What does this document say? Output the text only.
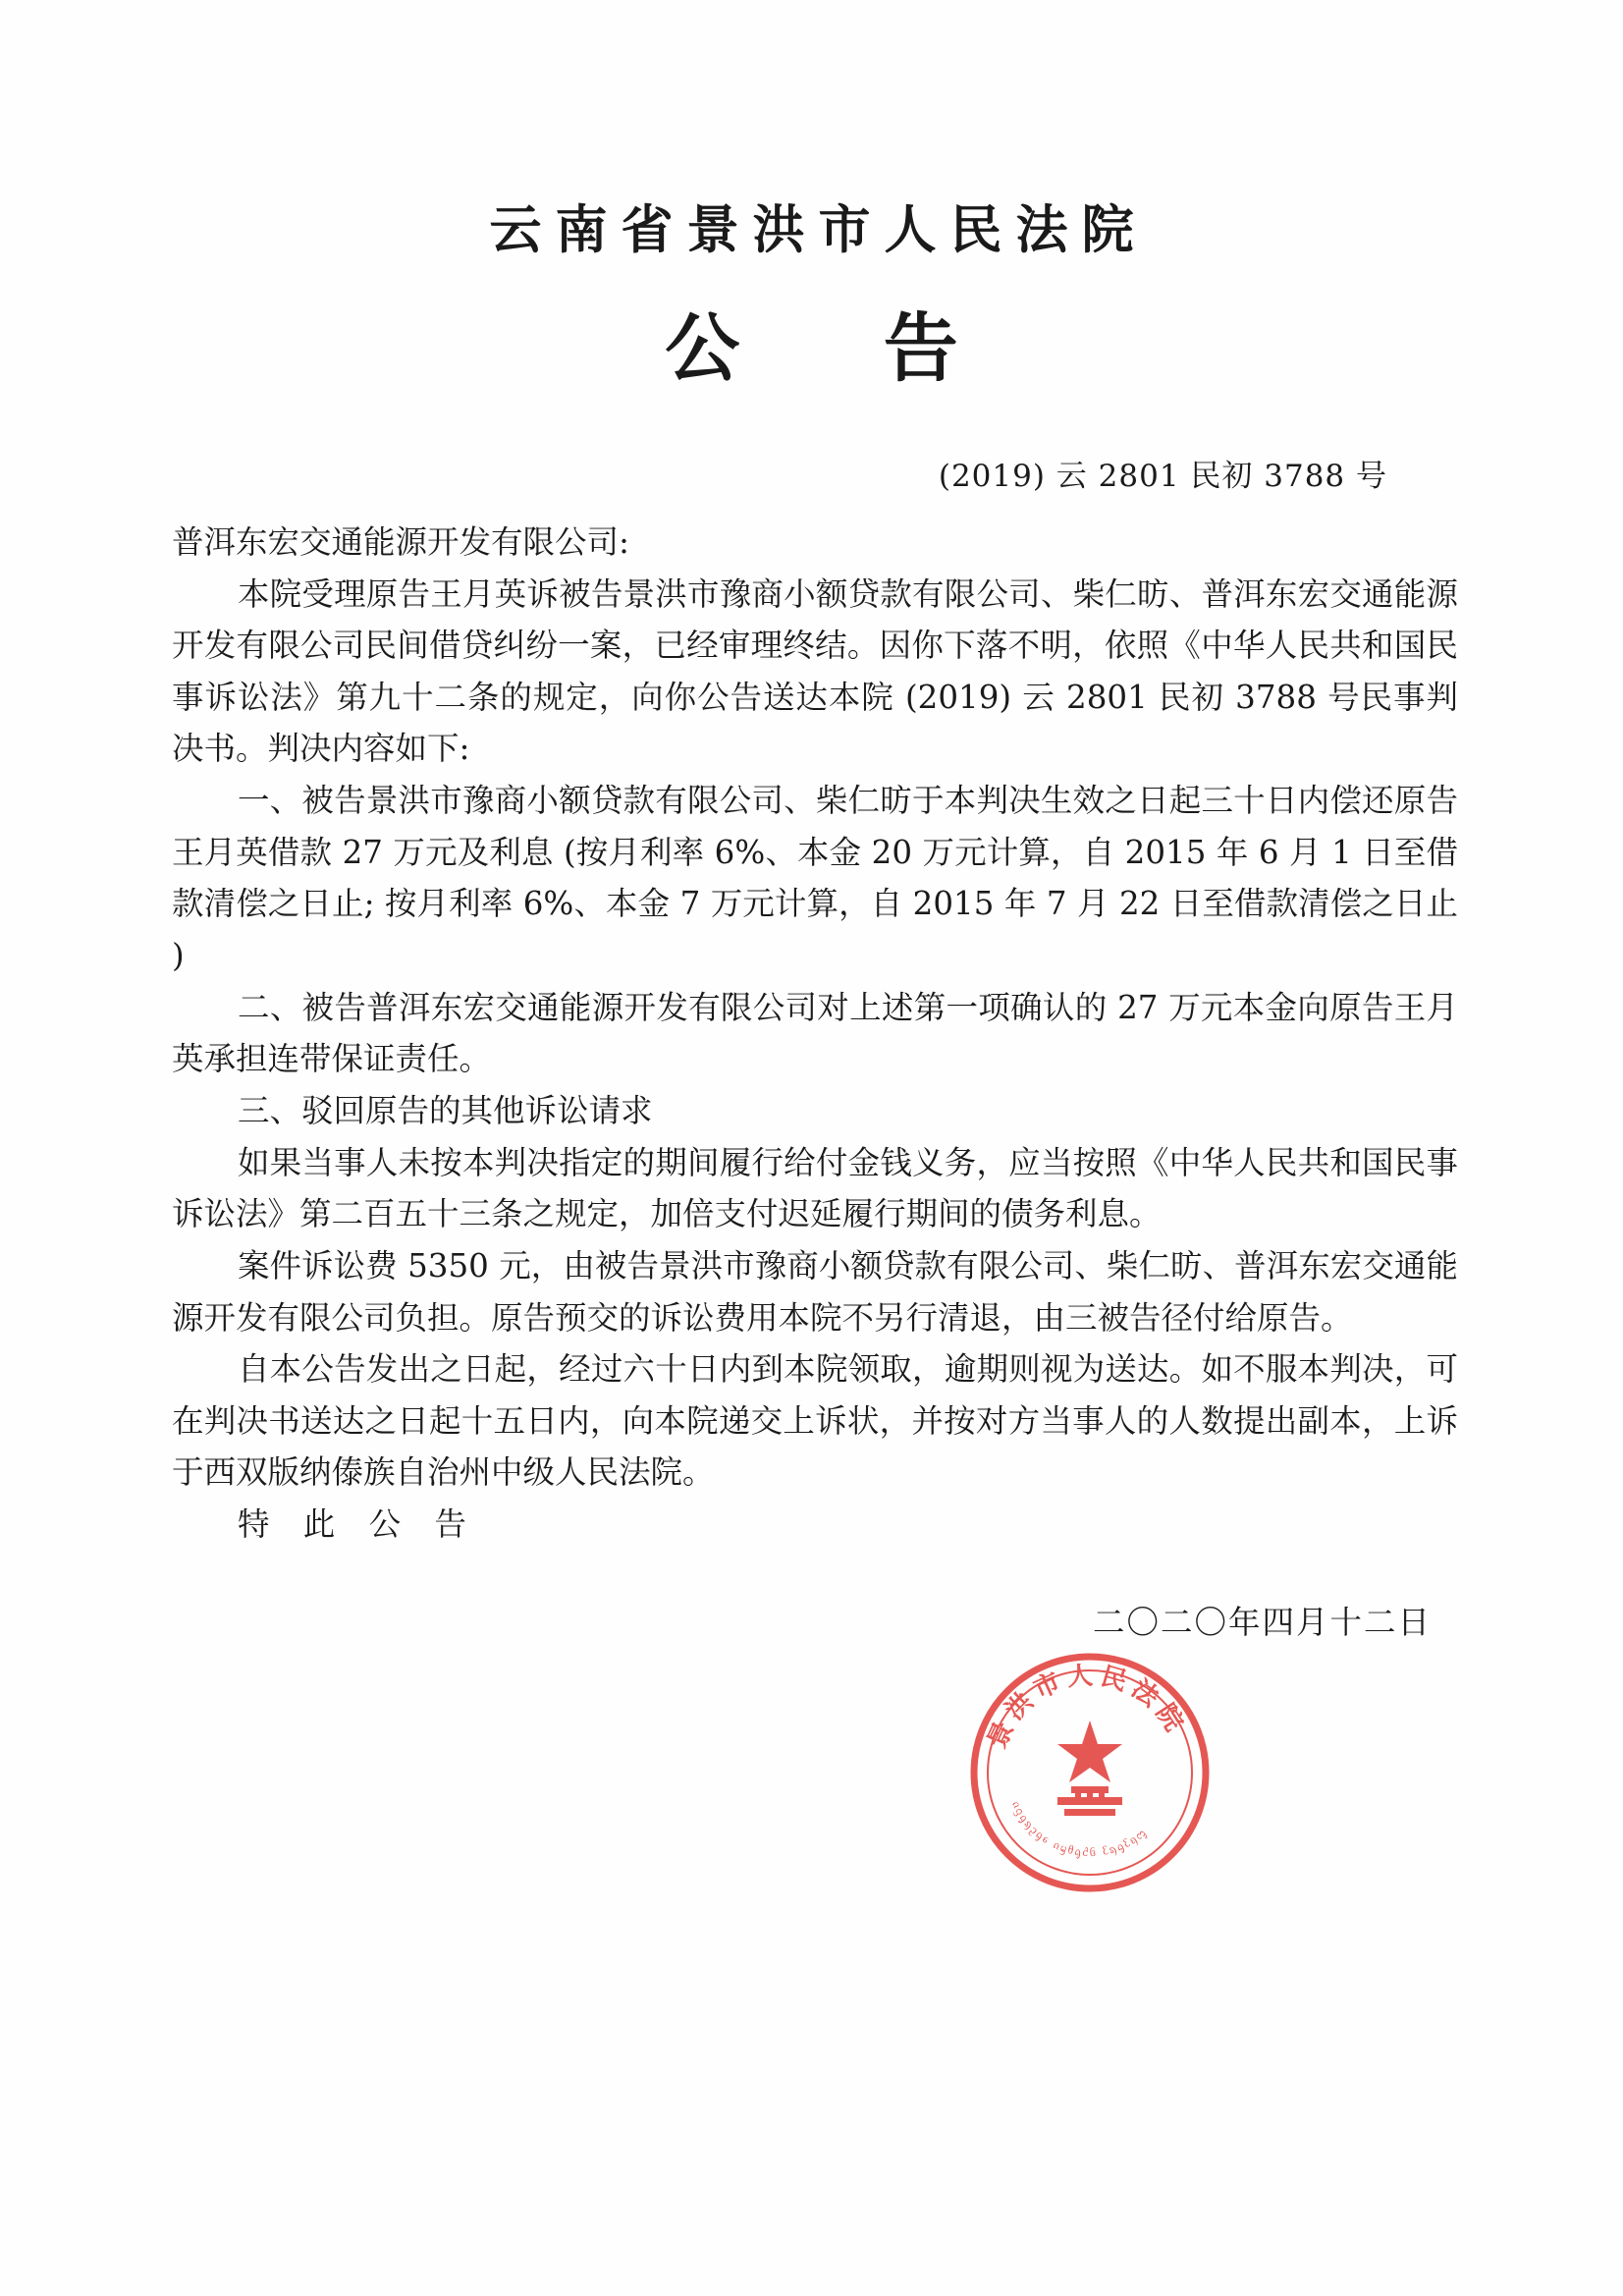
云南省景洪市人民法院
公 告
(2019) 云 2801 民初 3788 号
普洱东宏交通能源开发有限公司:
本院受理原告王月英诉被告景洪市豫商小额贷款有限公司、柴仁昉、普洱东宏交通能源开发有限公司民间借贷纠纷一案，已经审理终结。因你下落不明，依照《中华人民共和国民事诉讼法》第九十二条的规定，向你公告送达本院 (2019) 云 2801 民初 3788 号民事判决书。判决内容如下:
一、被告景洪市豫商小额贷款有限公司、柴仁昉于本判决生效之日起三十日内偿还原告王月英借款 27 万元及利息 (按月利率 6%、本金 20 万元计算，自 2015 年 6 月 1 日至借款清偿之日止; 按月利率 6%、本金 7 万元计算，自 2015 年 7 月 22 日至借款清偿之日止 )
二、被告普洱东宏交通能源开发有限公司对上述第一项确认的 27 万元本金向原告王月英承担连带保证责任。
三、驳回原告的其他诉讼请求
如果当事人未按本判决指定的期间履行给付金钱义务，应当按照《中华人民共和国民事诉讼法》第二百五十三条之规定，加倍支付迟延履行期间的债务利息。
案件诉讼费 5350 元，由被告景洪市豫商小额贷款有限公司、柴仁昉、普洱东宏交通能源开发有限公司负担。原告预交的诉讼费用本院不另行清退，由三被告径付给原告。
自本公告发出之日起，经过六十日内到本院领取，逾期则视为送达。如不服本判决，可在判决书送达之日起十五日内，向本院递交上诉状，并按对方当事人的人数提出副本，上诉于西双版纳傣族自治州中级人民法院。
特 此 公 告
二〇二〇年四月十二日
景洪市人民法院
ᦵᦋᧂᦣᦳᧂᧈ ᦵᦙᦲᧂᦺᦑ ᦷᦣᧂᦷᦏᧅ
